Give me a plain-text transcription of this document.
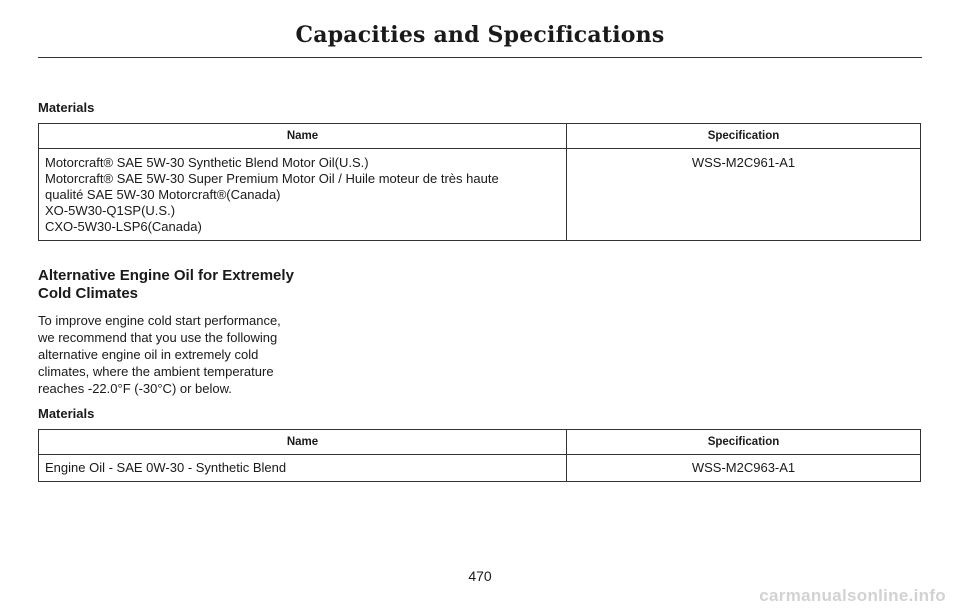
Capacities and Specifications
Materials
Name	Specification

Motorcraft® SAE 5W-30 Synthetic Blend Motor Oil(U.S.)
Motorcraft® SAE 5W-30 Super Premium Motor Oil / Huile moteur de très haute
qualité SAE 5W-30 Motorcraft®(Canada)
XO-5W30-Q1SP(U.S.)
CXO-5W30-LSP6(Canada)	WSS-M2C961-A1
Alternative Engine Oil for Extremely
Cold Climates

To improve engine cold start performance,
we recommend that you use the following
alternative engine oil in extremely cold
climates, where the ambient temperature
reaches -22.0°F (-30°C) or below.

Materials
Name	Specification
Engine Oil - SAE 0W-30 - Synthetic Blend	WSS-M2C963-A1
470
carmanualsonline.info
